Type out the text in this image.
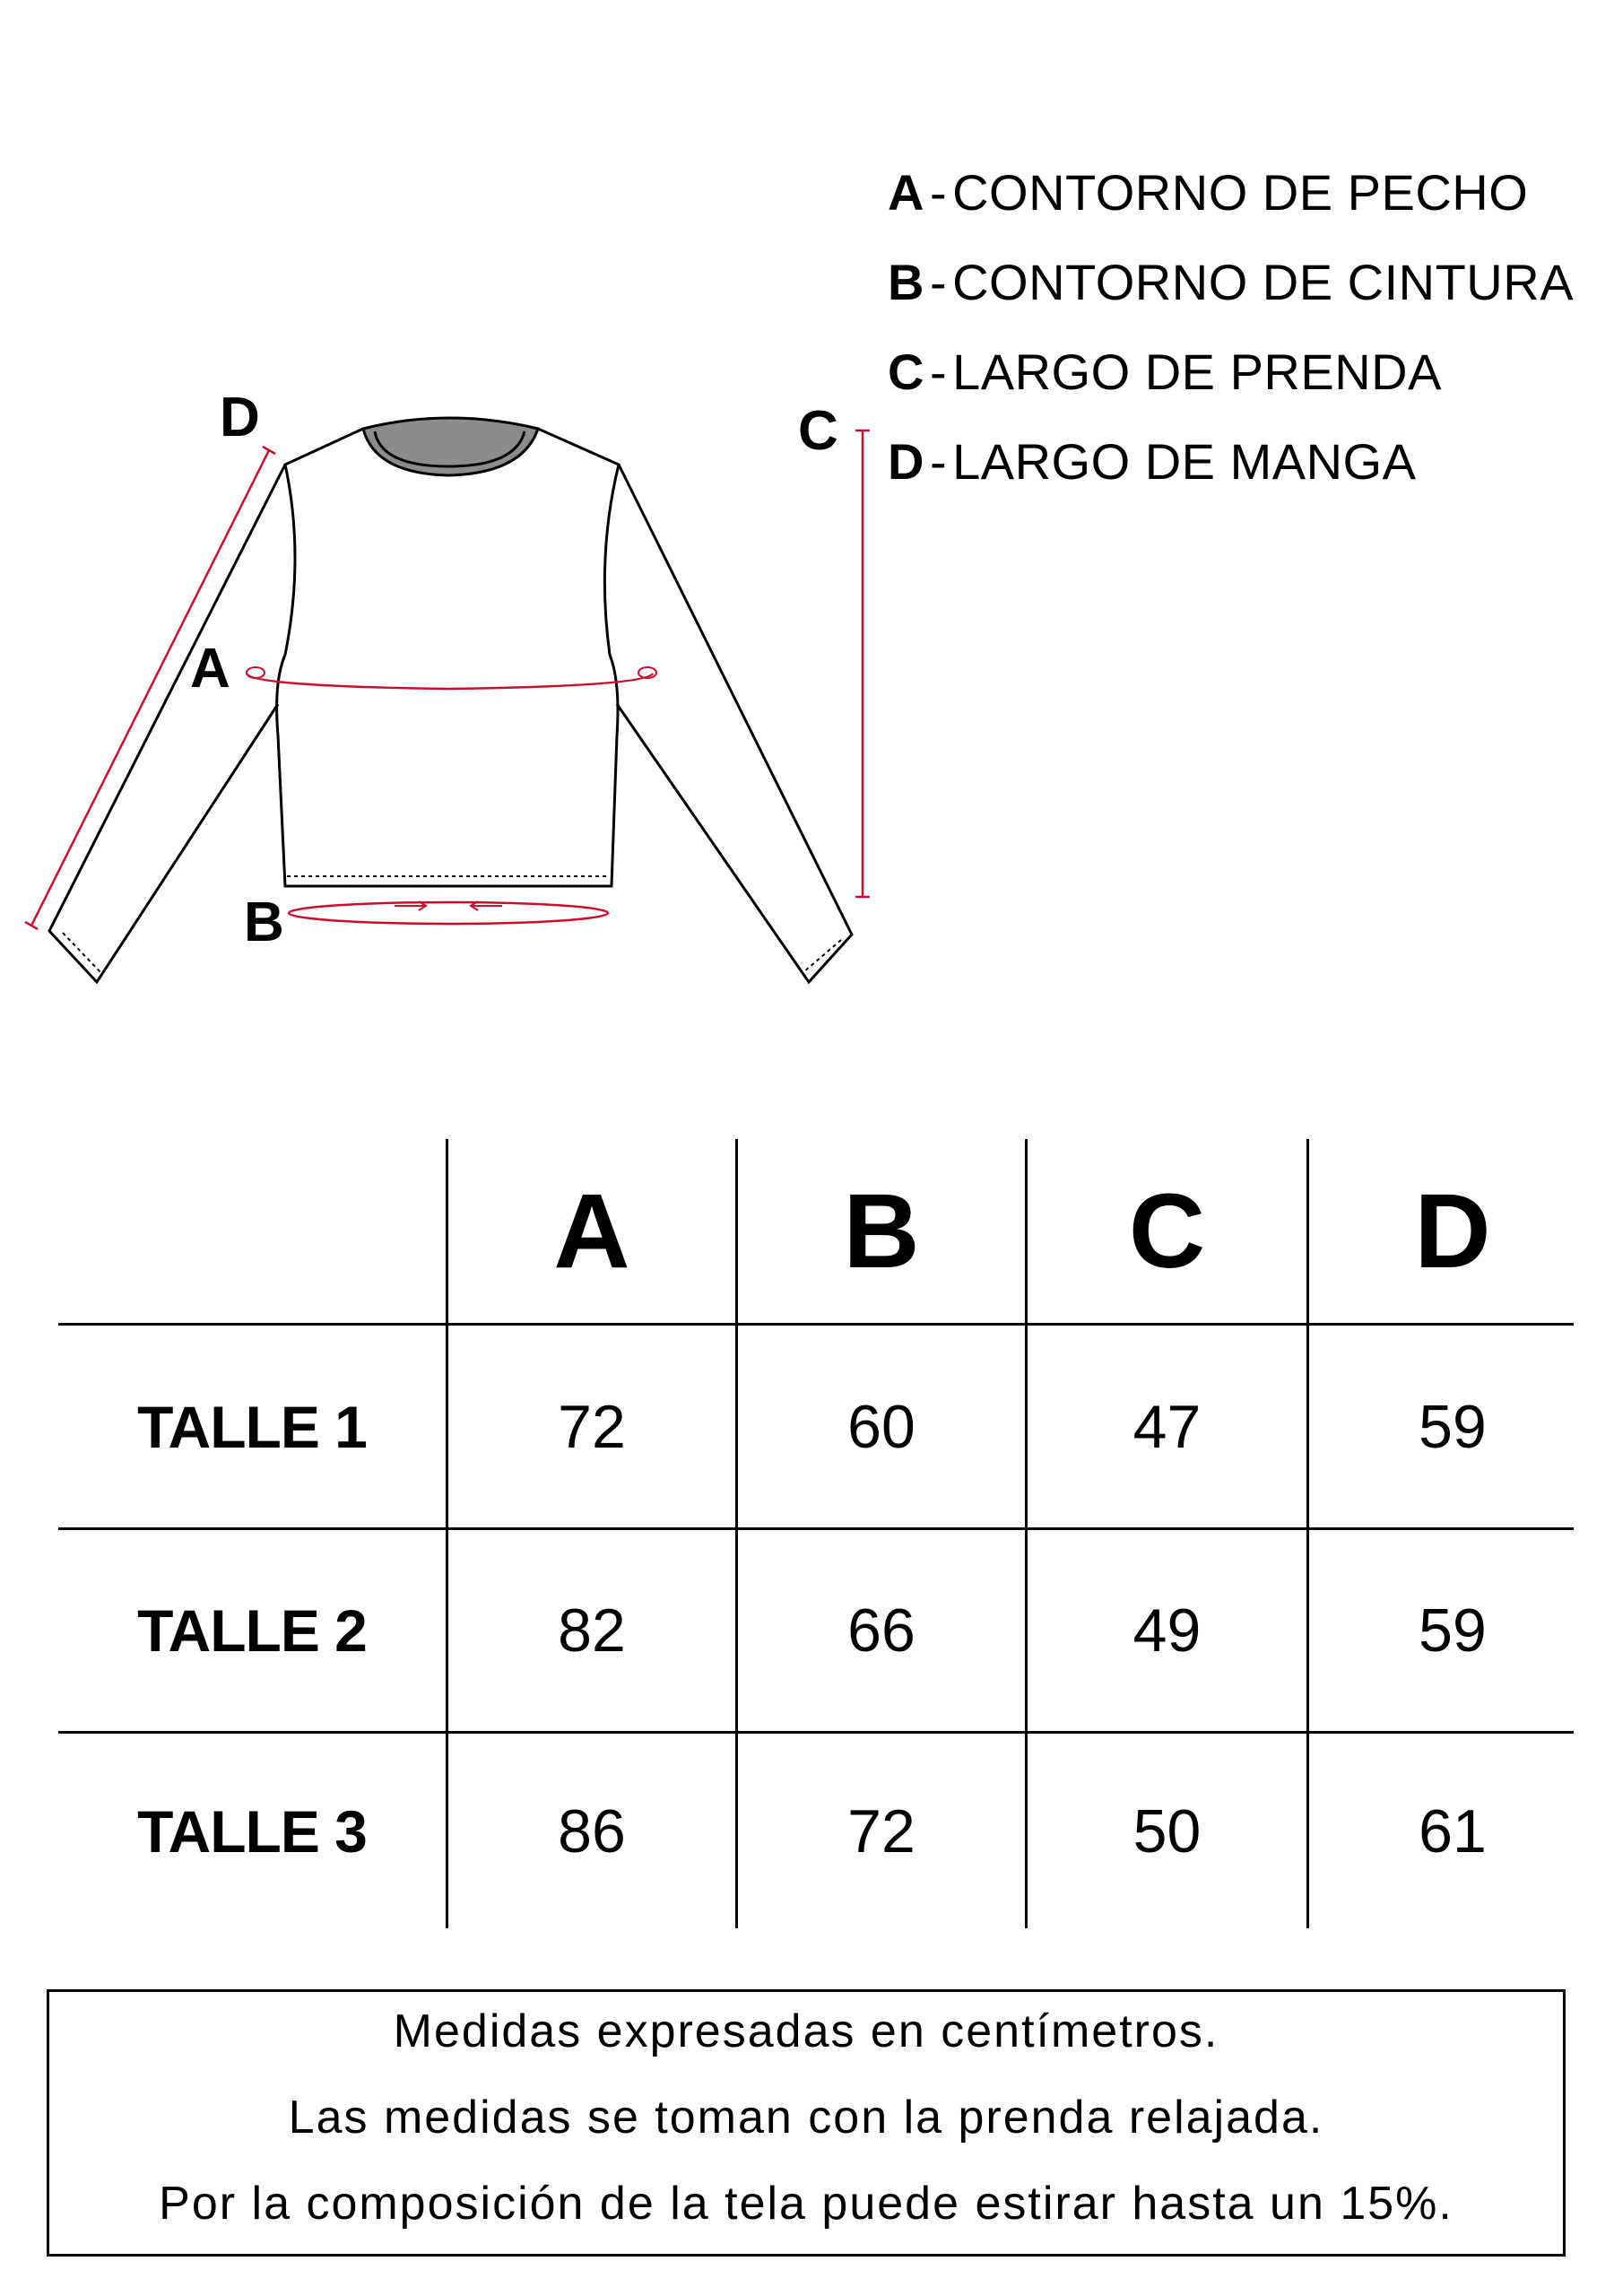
A - CONTORNO DE PECHO
B - CONTORNO DE CINTURA
C - LARGO DE PRENDA
D - LARGO DE MANGA
D	C
A
B
A	B	C	D
TALLE 1	72	60	47	59
TALLE 2	82	66	49	59
TALLE 3	86	72	50	61
Medidas expresadas en centímetros.
Las medidas se toman con la prenda relajada.
Por la composición de la tela puede estirar hasta un 15%.
